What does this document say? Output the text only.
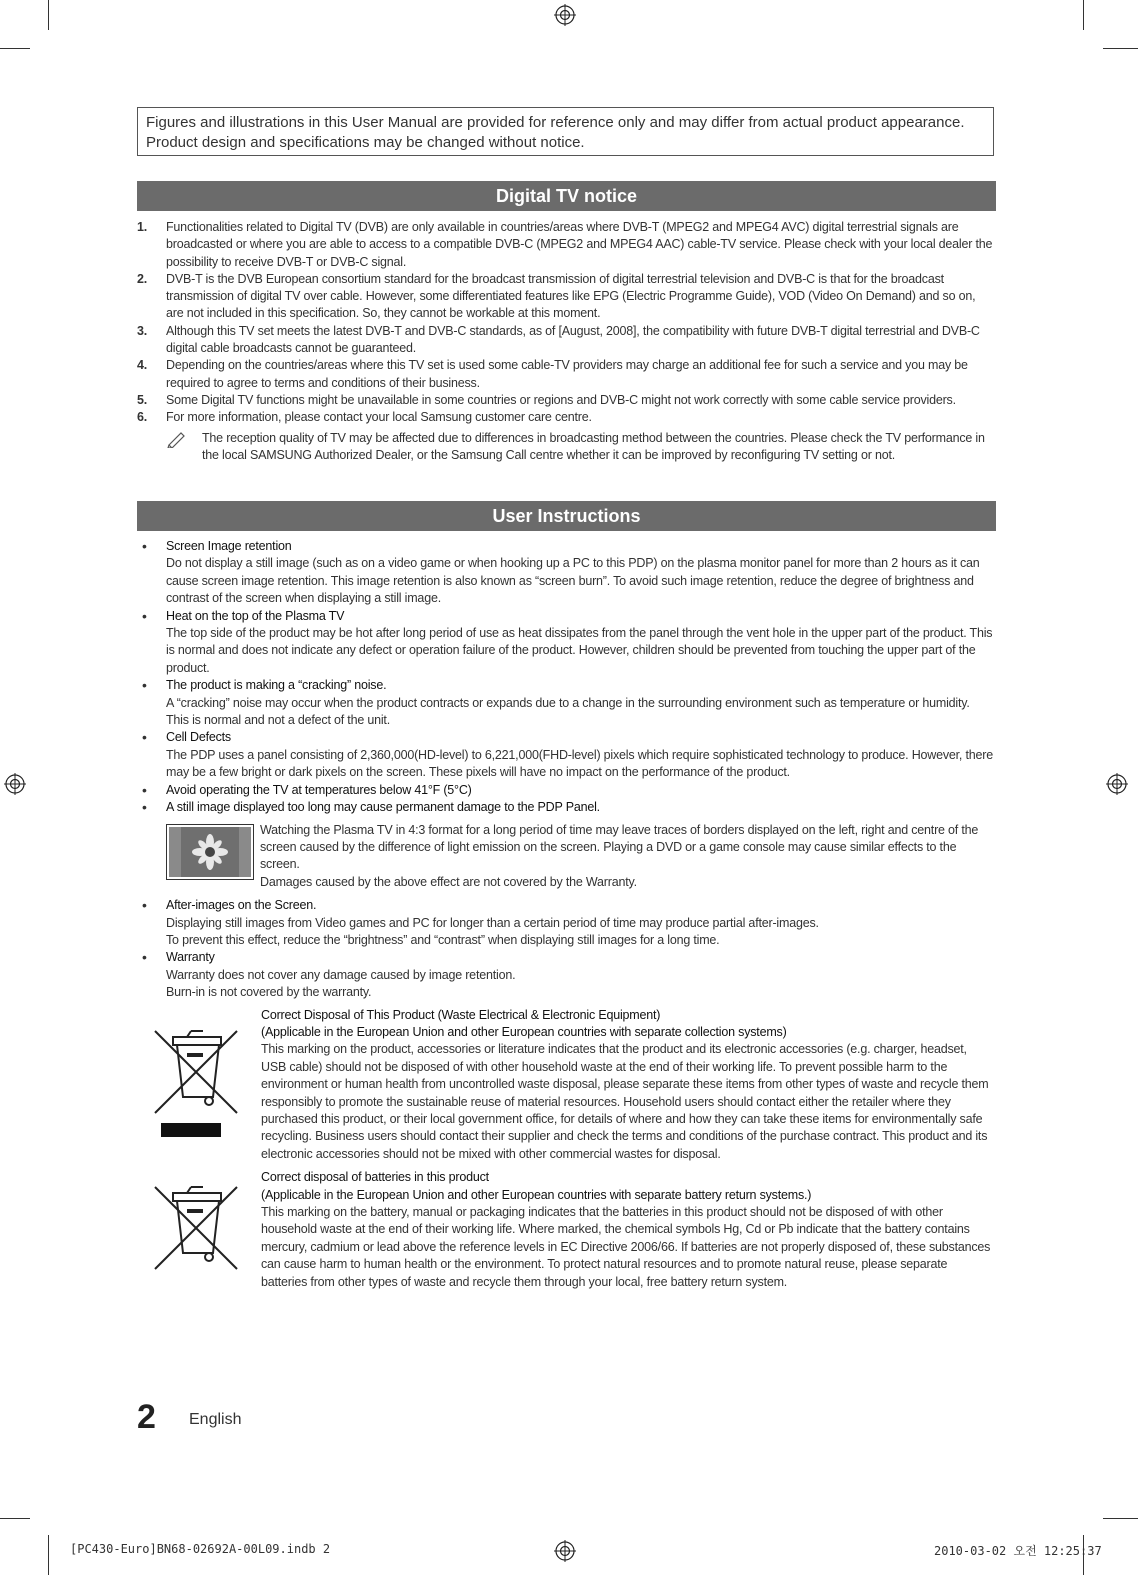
Figures and illustrations in this User Manual are provided for reference only and may differ from actual product appearance. Product design and specifications may be changed without notice.
Digital TV notice
1. Functionalities related to Digital TV (DVB) are only available in countries/areas where DVB-T (MPEG2 and MPEG4 AVC) digital terrestrial signals are broadcasted or where you are able to access to a compatible DVB-C (MPEG2 and MPEG4 AAC) cable-TV service. Please check with your local dealer the possibility to receive DVB-T or DVB-C signal.
2. DVB-T is the DVB European consortium standard for the broadcast transmission of digital terrestrial television and DVB-C is that for the broadcast transmission of digital TV over cable. However, some differentiated features like EPG (Electric Programme Guide), VOD (Video On Demand) and so on, are not included in this specification. So, they cannot be workable at this moment.
3. Although this TV set meets the latest DVB-T and DVB-C standards, as of [August, 2008], the compatibility with future DVB-T digital terrestrial and DVB-C digital cable broadcasts cannot be guaranteed.
4. Depending on the countries/areas where this TV set is used some cable-TV providers may charge an additional fee for such a service and you may be required to agree to terms and conditions of their business.
5. Some Digital TV functions might be unavailable in some countries or regions and DVB-C might not work correctly with some cable service providers.
6. For more information, please contact your local Samsung customer care centre.
The reception quality of TV may be affected due to differences in broadcasting method between the countries. Please check the TV performance in the local SAMSUNG Authorized Dealer, or the Samsung Call centre whether it can be improved by reconfiguring TV setting or not.
User Instructions
• Screen Image retention
Do not display a still image (such as on a video game or when hooking up a PC to this PDP) on the plasma monitor panel for more than 2 hours as it can cause screen image retention. This image retention is also known as “screen burn”. To avoid such image retention, reduce the degree of brightness and contrast of the screen when displaying a still image.
• Heat on the top of the Plasma TV
The top side of the product may be hot after long period of use as heat dissipates from the panel through the vent hole in the upper part of the product. This is normal and does not indicate any defect or operation failure of the product. However, children should be prevented from touching the upper part of the product.
• The product is making a “cracking” noise.
A “cracking” noise may occur when the product contracts or expands due to a change in the surrounding environment such as temperature or humidity. This is normal and not a defect of the unit.
• Cell Defects
The PDP uses a panel consisting of 2,360,000(HD-level) to 6,221,000(FHD-level) pixels which require sophisticated technology to produce. However, there may be a few bright or dark pixels on the screen. These pixels will have no impact on the performance of the product.
• Avoid operating the TV at temperatures below 41°F (5°C)
• A still image displayed too long may cause permanent damage to the PDP Panel.
Watching the Plasma TV in 4:3 format for a long period of time may leave traces of borders displayed on the left, right and centre of the screen caused by the difference of light emission on the screen. Playing a DVD or a game console may cause similar effects to the screen.
Damages caused by the above effect are not covered by the Warranty.
• After-images on the Screen.
Displaying still images from Video games and PC for longer than a certain period of time may produce partial after-images.
To prevent this effect, reduce the “brightness” and “contrast” when displaying still images for a long time.
• Warranty
Warranty does not cover any damage caused by image retention.
Burn-in is not covered by the warranty.
Correct Disposal of This Product (Waste Electrical & Electronic Equipment)
(Applicable in the European Union and other European countries with separate collection systems)
This marking on the product, accessories or literature indicates that the product and its electronic accessories (e.g. charger, headset, USB cable) should not be disposed of with other household waste at the end of their working life. To prevent possible harm to the environment or human health from uncontrolled waste disposal, please separate these items from other types of waste and recycle them responsibly to promote the sustainable reuse of material resources. Household users should contact either the retailer where they purchased this product, or their local government office, for details of where and how they can take these items for environmentally safe recycling. Business users should contact their supplier and check the terms and conditions of the purchase contract. This product and its electronic accessories should not be mixed with other commercial wastes for disposal.
Correct disposal of batteries in this product
(Applicable in the European Union and other European countries with separate battery return systems.)
This marking on the battery, manual or packaging indicates that the batteries in this product should not be disposed of with other household waste at the end of their working life. Where marked, the chemical symbols Hg, Cd or Pb indicate that the battery contains mercury, cadmium or lead above the reference levels in EC Directive 2006/66. If batteries are not properly disposed of, these substances can cause harm to human health or the environment. To protect natural resources and to promote natural reuse, please separate batteries from other types of waste and recycle them through your local, free battery return system.
2 English
[PC430-Euro]BN68-02692A-00L09.indb 2	2010-03-02 오전 12:25:37
